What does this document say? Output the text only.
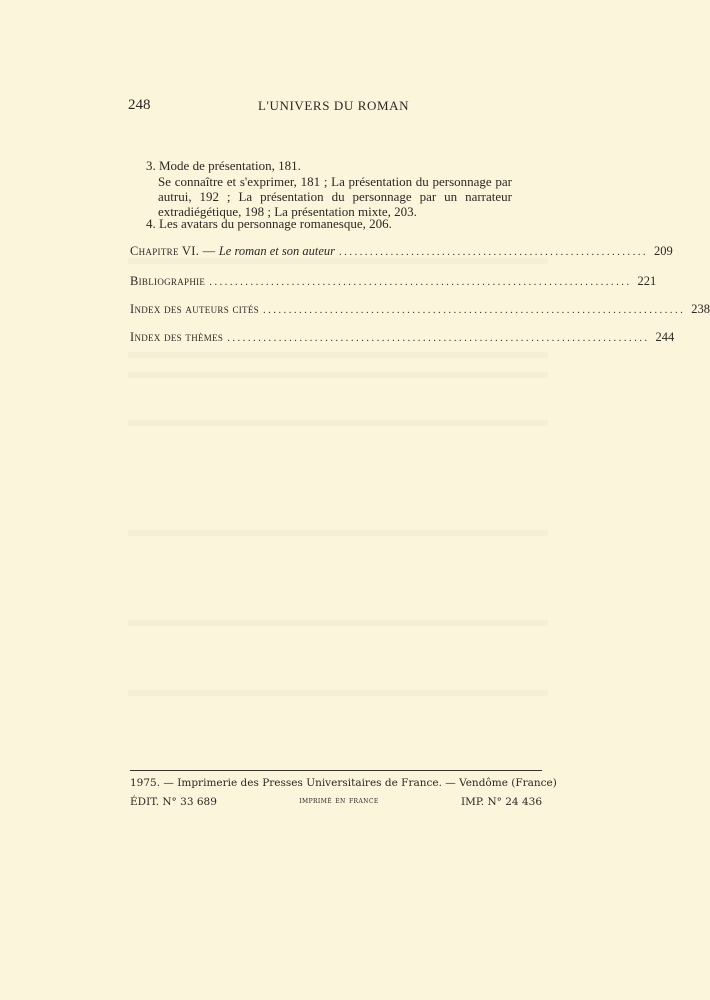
248	L'UNIVERS DU ROMAN
3. Mode de présentation, 181.
Se connaître et s'exprimer, 181 ; La présentation du personnage par autrui, 192 ; La présentation du personnage par un narrateur extradiégétique, 198 ; La présentation mixte, 203.
4. Les avatars du personnage romanesque, 206.
Chapitre VI. — Le roman et son auteur ............................................................ 209
Bibliographie .................................................................................. 221
Index des auteurs cités .................................................................................. 238
Index des thèmes .................................................................................. 244
1975. — Imprimerie des Presses Universitaires de France. — Vendôme (France)
ÉDIT. N° 33 689	imprimé en france	IMP. N° 24 436
